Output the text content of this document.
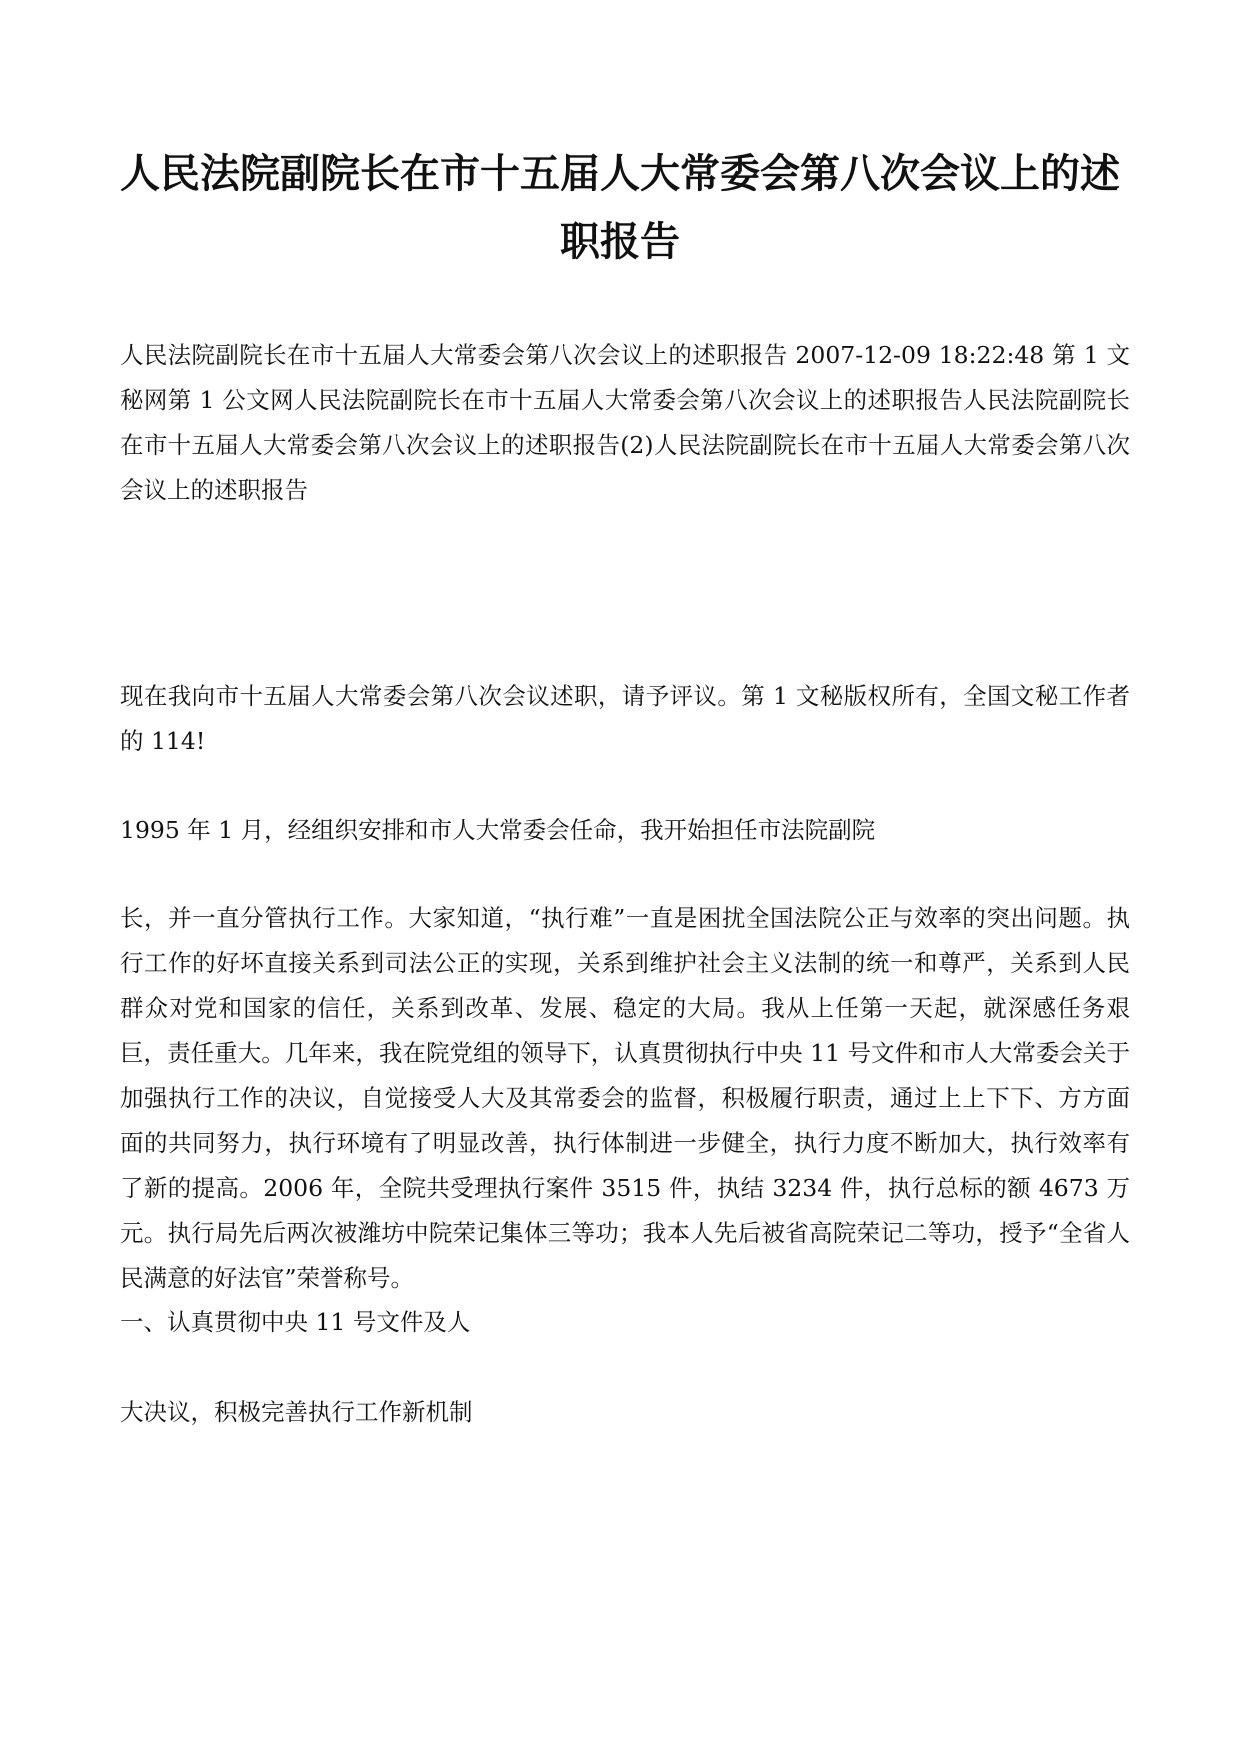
人民法院副院长在市十五届人大常委会第八次会议上的述职报告
人民法院副院长在市十五届人大常委会第八次会议上的述职报告 2007-12-09 18:22:48 第 1 文秘网第 1 公文网人民法院副院长在市十五届人大常委会第八次会议上的述职报告人民法院副院长在市十五届人大常委会第八次会议上的述职报告(2)人民法院副院长在市十五届人大常委会第八次会议上的述职报告
现在我向市十五届人大常委会第八次会议述职，请予评议。第 1 文秘版权所有，全国文秘工作者的 114!
1995 年 1 月，经组织安排和市人大常委会任命，我开始担任市法院副院
长，并一直分管执行工作。大家知道，“执行难”一直是困扰全国法院公正与效率的突出问题。执行工作的好坏直接关系到司法公正的实现，关系到维护社会主义法制的统一和尊严，关系到人民群众对党和国家的信任，关系到改革、发展、稳定的大局。我从上任第一天起，就深感任务艰巨，责任重大。几年来，我在院党组的领导下，认真贯彻执行中央 11 号文件和市人大常委会关于加强执行工作的决议，自觉接受人大及其常委会的监督，积极履行职责，通过上上下下、方方面面的共同努力，执行环境有了明显改善，执行体制进一步健全，执行力度不断加大，执行效率有了新的提高。2006 年，全院共受理执行案件 3515 件，执结 3234 件，执行总标的额 4673 万元。执行局先后两次被潍坊中院荣记集体三等功；我本人先后被省高院荣记二等功，授予“全省人民满意的好法官”荣誉称号。
一、认真贯彻中央 11 号文件及人
大决议，积极完善执行工作新机制
